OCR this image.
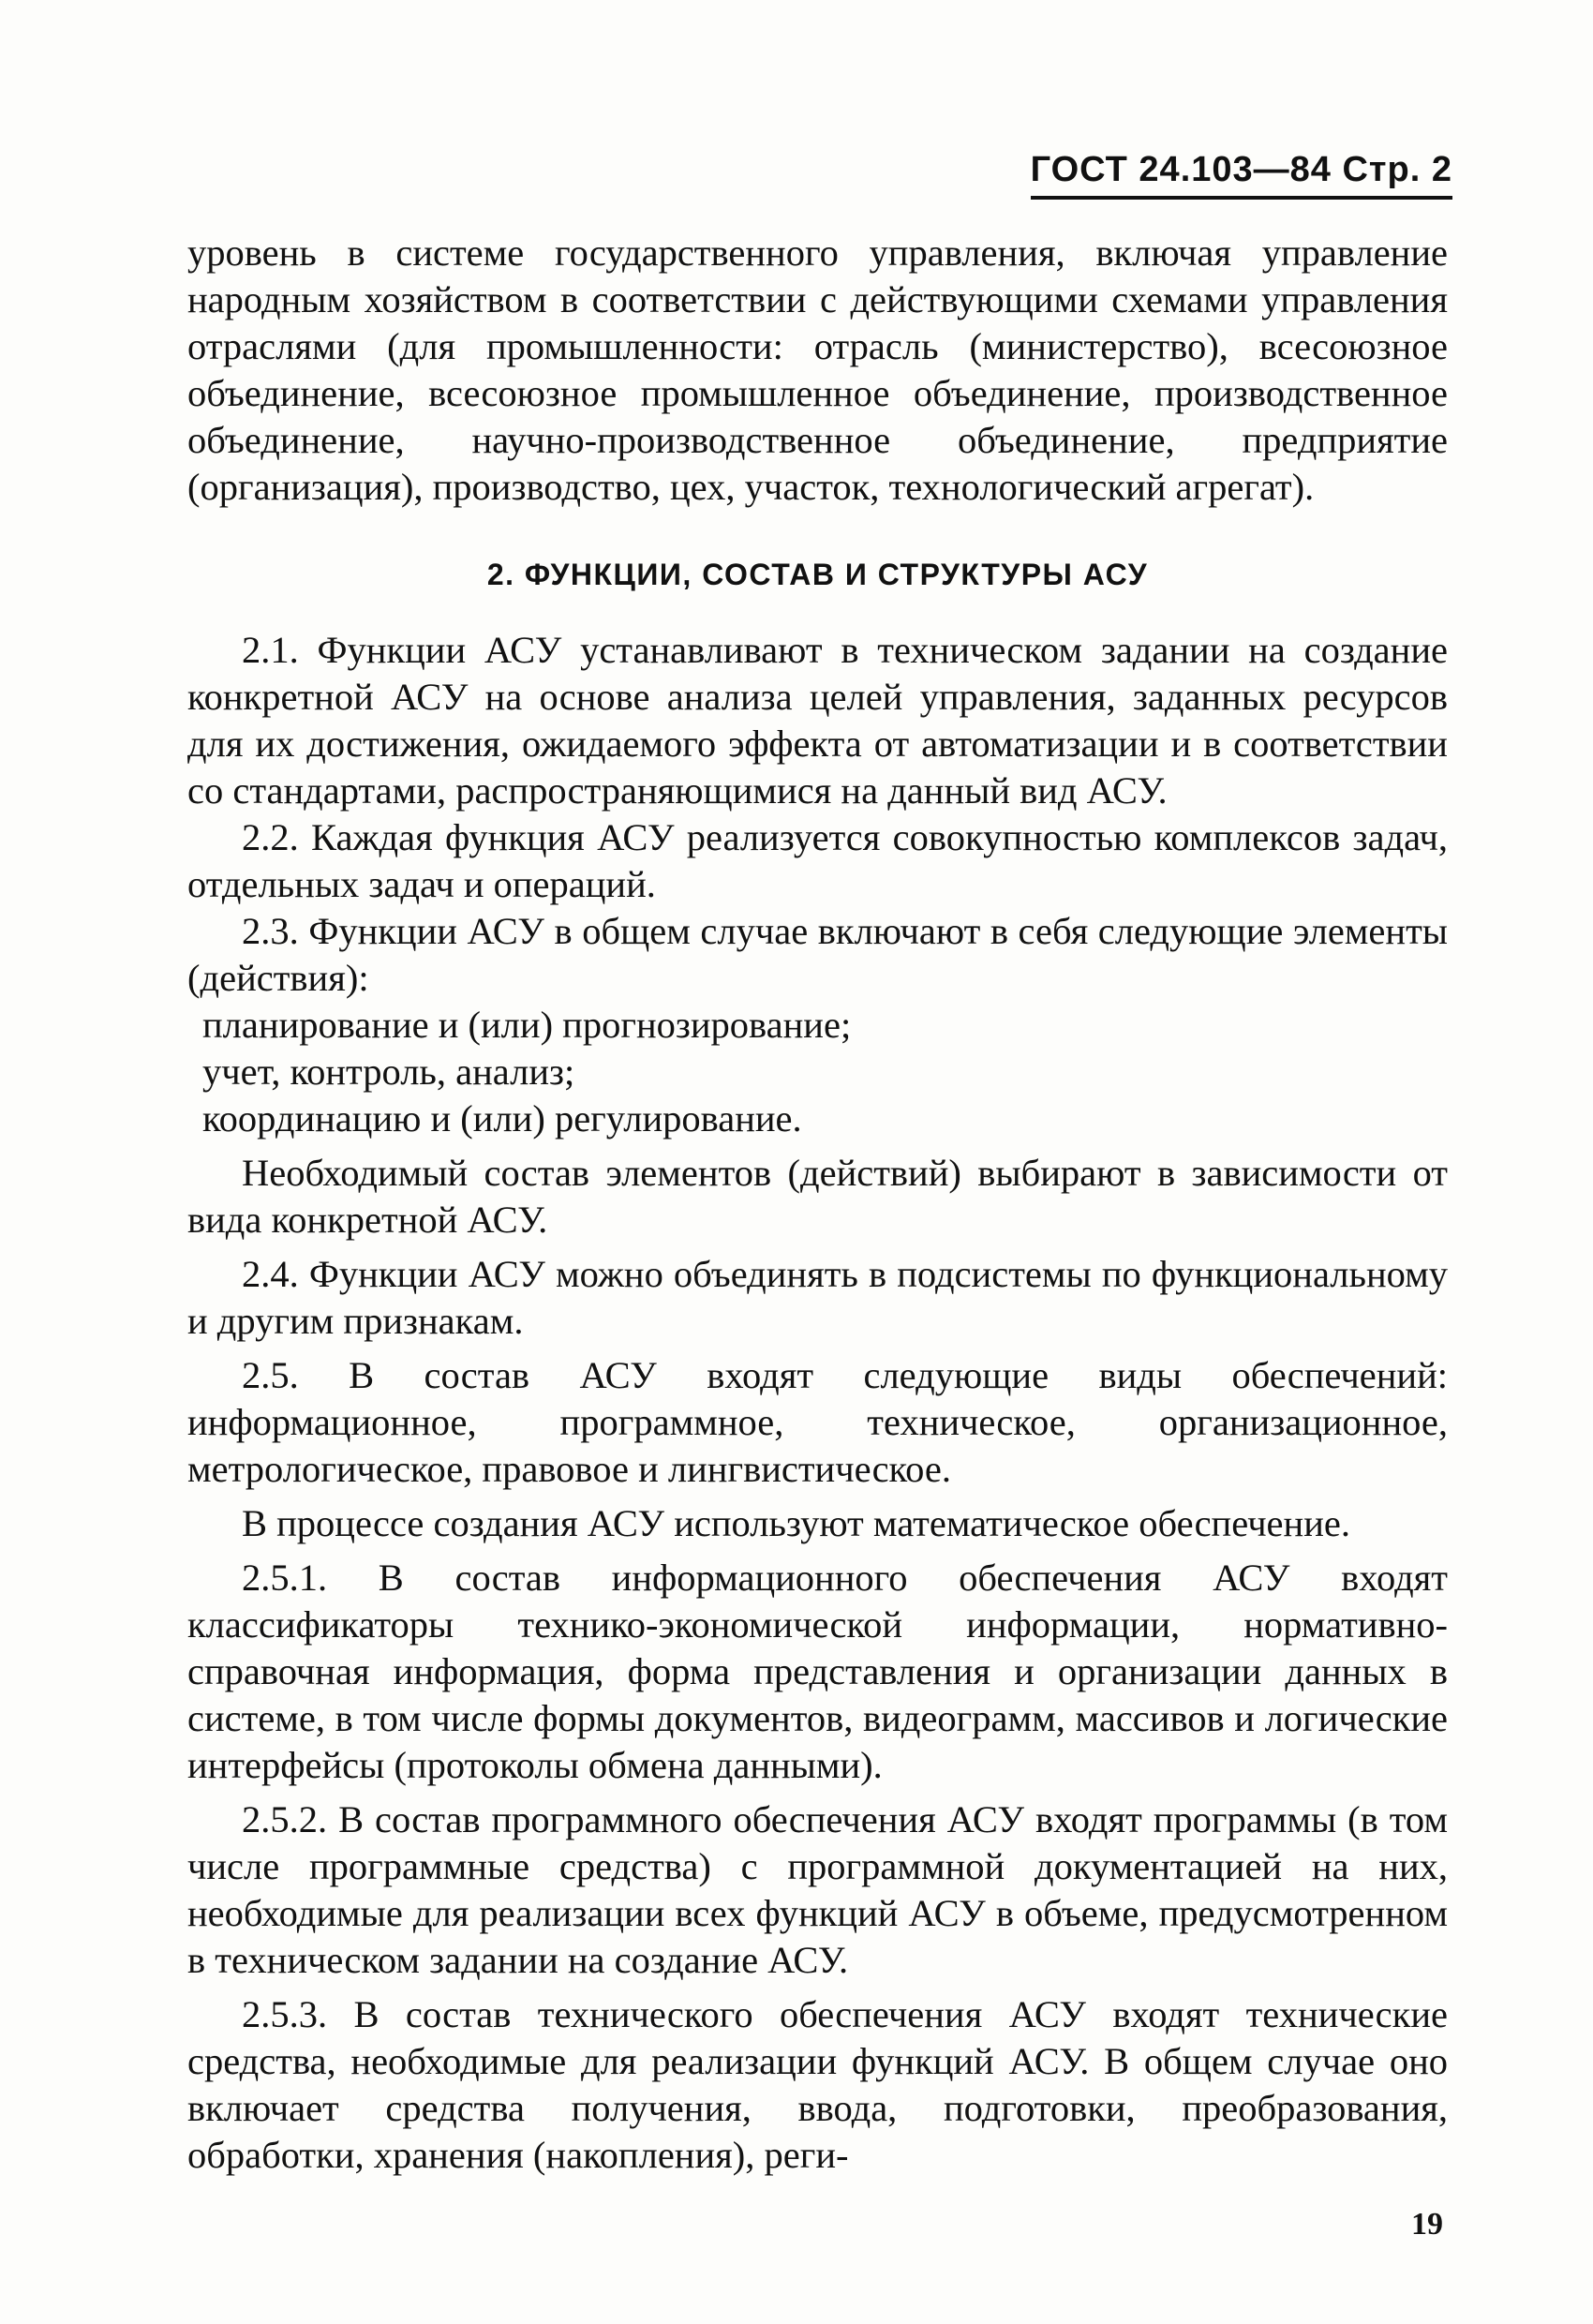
ГОСТ 24.103—84 Стр. 2

уровень в системе государственного управления, включая управление народным хозяйством в соответствии с действующими схемами управления отраслями (для промышленности: отрасль (министерство), всесоюзное объединение, всесоюзное промышленное объединение, производственное объединение, научно-производственное объединение, предприятие (организация), производство, цех, участок, технологический агрегат).

2. ФУНКЦИИ, СОСТАВ И СТРУКТУРЫ АСУ

2.1. Функции АСУ устанавливают в техническом задании на создание конкретной АСУ на основе анализа целей управления, заданных ресурсов для их достижения, ожидаемого эффекта от автоматизации и в соответствии со стандартами, распространяющимися на данный вид АСУ.

2.2. Каждая функция АСУ реализуется совокупностью комплексов задач, отдельных задач и операций.

2.3. Функции АСУ в общем случае включают в себя следующие элементы (действия):

планирование и (или) прогнозирование;

учет, контроль, анализ;

координацию и (или) регулирование.

Необходимый состав элементов (действий) выбирают в зависимости от вида конкретной АСУ.

2.4. Функции АСУ можно объединять в подсистемы по функциональному и другим признакам.

2.5. В состав АСУ входят следующие виды обеспечений: информационное, программное, техническое, организационное, метрологическое, правовое и лингвистическое.

В процессе создания АСУ используют математическое обеспечение.

2.5.1. В состав информационного обеспечения АСУ входят классификаторы технико-экономической информации, нормативно-справочная информация, форма представления и организации данных в системе, в том числе формы документов, видеограмм, массивов и логические интерфейсы (протоколы обмена данными).

2.5.2. В состав программного обеспечения АСУ входят программы (в том числе программные средства) с программной документацией на них, необходимые для реализации всех функций АСУ в объеме, предусмотренном в техническом задании на создание АСУ.

2.5.3. В состав технического обеспечения АСУ входят технические средства, необходимые для реализации функций АСУ. В общем случае оно включает средства получения, ввода, подготовки, преобразования, обработки, хранения (накопления), реги-

19
